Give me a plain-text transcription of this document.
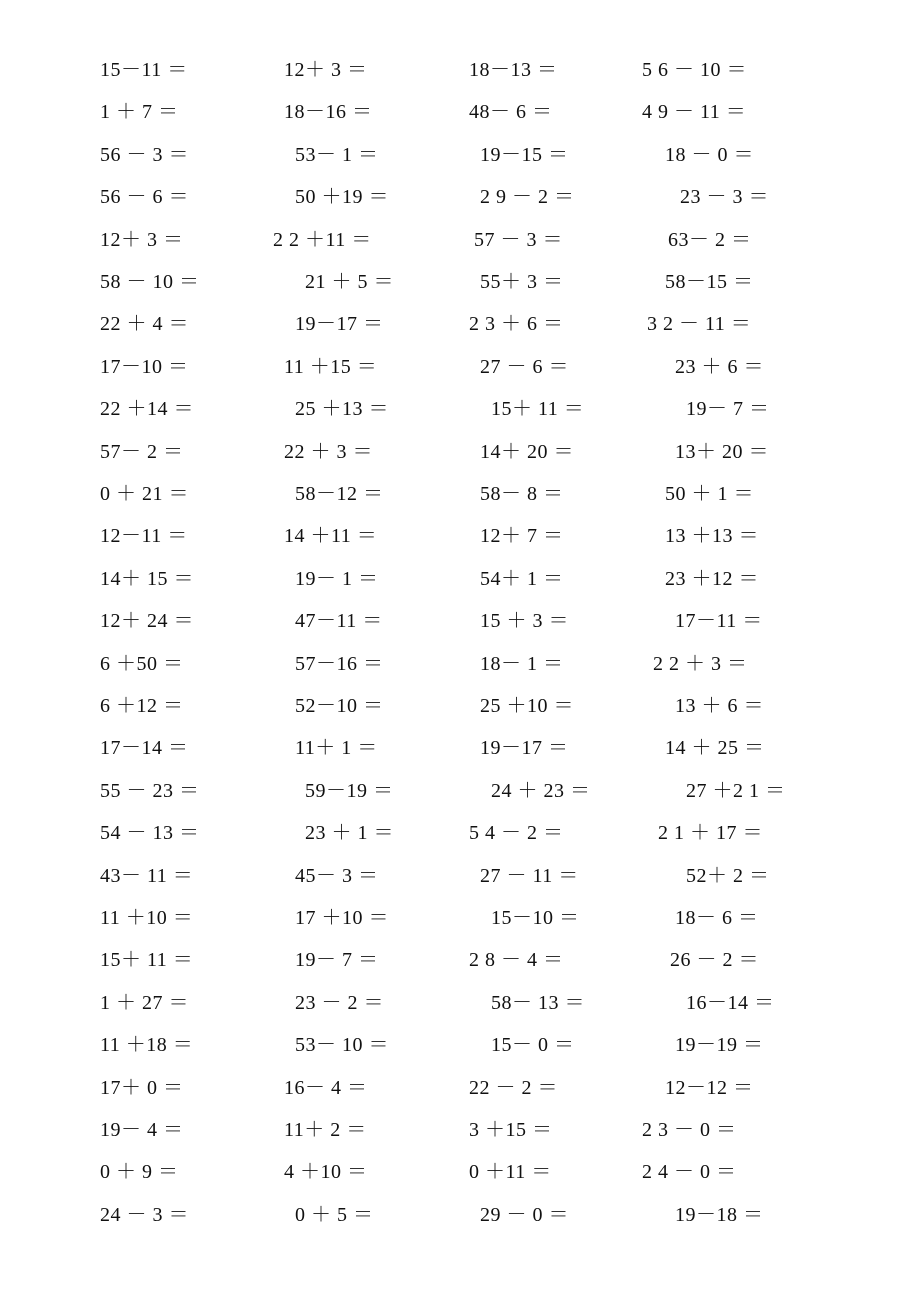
15－11 ＝	12＋ 3 ＝	18－13 ＝	5 6 － 10 ＝
1 ＋ 7 ＝	18－16 ＝	48－ 6 ＝	4 9 － 11 ＝
56 － 3 ＝	53－ 1 ＝	19－15 ＝	18 － 0 ＝
56 － 6 ＝	50 ＋19 ＝	2 9 － 2 ＝	23 － 3 ＝
12＋ 3 ＝	2 2 ＋11 ＝	57 － 3 ＝	63－ 2 ＝
58 － 10 ＝	21 ＋ 5 ＝	55＋ 3 ＝	58－15 ＝
22 ＋ 4 ＝	19－17 ＝	2 3 ＋ 6 ＝	3 2 － 11 ＝
17－10 ＝	11 ＋15 ＝	27 － 6 ＝	23 ＋ 6 ＝
22 ＋14 ＝	25 ＋13 ＝	15＋ 11 ＝	19－ 7 ＝
57－ 2 ＝	22 ＋ 3 ＝	14＋ 20 ＝	13＋ 20 ＝
0 ＋ 21 ＝	58－12 ＝	58－ 8 ＝	50 ＋ 1 ＝
12－11 ＝	14 ＋11 ＝	12＋ 7 ＝	13 ＋13 ＝
14＋ 15 ＝	19－ 1 ＝	54＋ 1 ＝	23 ＋12 ＝
12＋ 24 ＝	47－11 ＝	15 ＋ 3 ＝	17－11 ＝
6 ＋50 ＝	57－16 ＝	18－ 1 ＝	2 2 ＋ 3 ＝
6 ＋12 ＝	52－10 ＝	25 ＋10 ＝	13 ＋ 6 ＝
17－14 ＝	11＋ 1 ＝	19－17 ＝	14 ＋ 25 ＝
55 － 23 ＝	59－19 ＝	24 ＋ 23 ＝	27 ＋2 1 ＝
54 － 13 ＝	23 ＋ 1 ＝	5 4 － 2 ＝	2 1 ＋ 17 ＝
43－ 11 ＝	45－ 3 ＝	27 － 11 ＝	52＋ 2 ＝
11 ＋10 ＝	17 ＋10 ＝	15－10 ＝	18－ 6 ＝
15＋ 11 ＝	19－ 7 ＝	2 8 － 4 ＝	26 － 2 ＝
1 ＋ 27 ＝	23 － 2 ＝	58－ 13 ＝	16－14 ＝
11 ＋18 ＝	53－ 10 ＝	15－ 0 ＝	19－19 ＝
17＋ 0 ＝	16－ 4 ＝	22 － 2 ＝	12－12 ＝
19－ 4 ＝	11＋ 2 ＝	3 ＋15 ＝	2 3 － 0 ＝
0 ＋ 9 ＝	4 ＋10 ＝	0 ＋11 ＝	2 4 － 0 ＝
24 － 3 ＝	0 ＋ 5 ＝	29 － 0 ＝	19－18 ＝
